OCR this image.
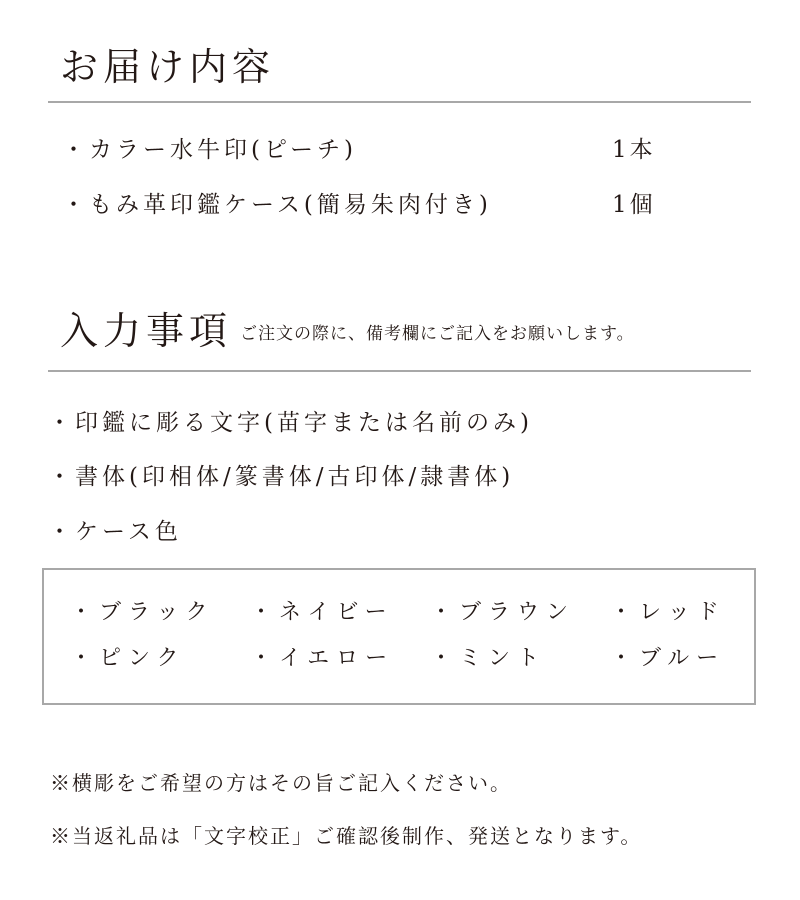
お届け内容
・カラー水牛印(ピーチ)	1本
・もみ革印鑑ケース(簡易朱肉付き)	1個
入力事項 ご注文の際に、備考欄にご記入をお願いします。
・印鑑に彫る文字(苗字または名前のみ)
・書体(印相体/篆書体/古印体/隷書体)
・ケース色
・ブラック ・ネイビー ・ブラウン ・レッド
・ピンク	・イエロー ・ミント	・ブルー
※横彫をご希望の方はその旨ご記入ください。
※当返礼品は「文字校正」ご確認後制作、発送となります。
